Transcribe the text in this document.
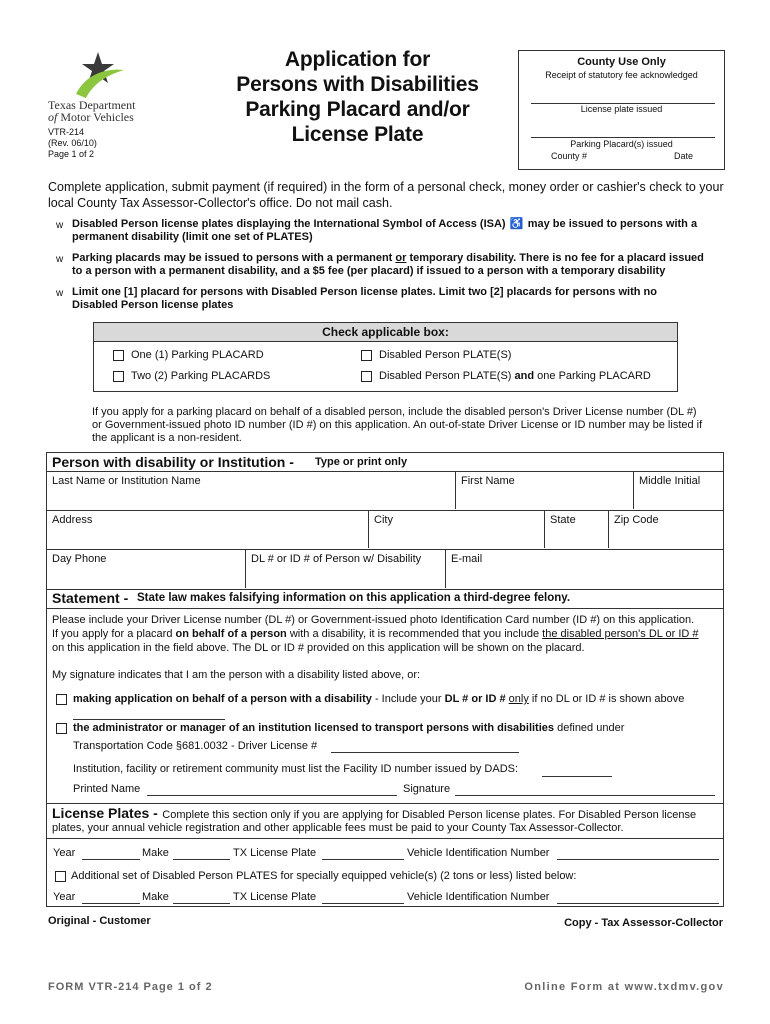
Texas Department
of Motor Vehicles
VTR-214
(Rev. 06/10)
Page 1 of 2
Application for
Persons with Disabilities
Parking Placard and/or
License Plate
County Use Only
Receipt of statutory fee acknowledged
License plate issued
Parking Placard(s) issued
County #	Date
Complete application, submit payment (if required) in the form of a personal check, money order or cashier's check to your local County Tax Assessor-Collector's office. Do not mail cash.
w Disabled Person license plates displaying the International Symbol of Access (ISA) ♿ may be issued to persons with a
permanent disability (limit one set of PLATES)
w Parking placards may be issued to persons with a permanent or temporary disability. There is no fee for a placard issued
to a person with a permanent disability, and a $5 fee (per placard) if issued to a person with a temporary disability
w Limit one [1] placard for persons with Disabled Person license plates. Limit two [2] placards for persons with no
Disabled Person license plates
Check applicable box:
One (1) Parking PLACARD
Two (2) Parking PLACARDS
Disabled Person PLATE(S)
Disabled Person PLATE(S) and one Parking PLACARD
If you apply for a parking placard on behalf of a disabled person, include the disabled person's Driver License number (DL #)
or Government-issued photo ID number (ID #) on this application. An out-of-state Driver License or ID number may be listed if
the applicant is a non-resident.
Person with disability or Institution - Type or print only
Last Name or Institution Name	First Name	Middle Initial
Address	City	State	Zip Code
Day Phone	DL # or ID # of Person w/ Disability	E-mail
Statement - State law makes falsifying information on this application a third-degree felony.
Please include your Driver License number (DL #) or Government-issued photo Identification Card number (ID #) on this application.
If you apply for a placard on behalf of a person with a disability, it is recommended that you include the disabled person's DL or ID #
on this application in the field above. The DL or ID # provided on this application will be shown on the placard.
My signature indicates that I am the person with a disability listed above, or:
making application on behalf of a person with a disability - Include your DL # or ID # only if no DL or ID # is shown above
the administrator or manager of an institution licensed to transport persons with disabilities defined under
Transportation Code §681.0032 - Driver License #
Institution, facility or retirement community must list the Facility ID number issued by DADS:
Printed Name	Signature
License Plates - Complete this section only if you are applying for Disabled Person license plates. For Disabled Person license
plates, your annual vehicle registration and other applicable fees must be paid to your County Tax Assessor-Collector.
Year	Make	TX License Plate	Vehicle Identification Number
Additional set of Disabled Person PLATES for specially equipped vehicle(s) (2 tons or less) listed below:
Year	Make	TX License Plate	Vehicle Identification Number
Original - Customer	Copy - Tax Assessor-Collector
FORM VTR-214 Page 1 of 2	Online Form at www.txdmv.gov
